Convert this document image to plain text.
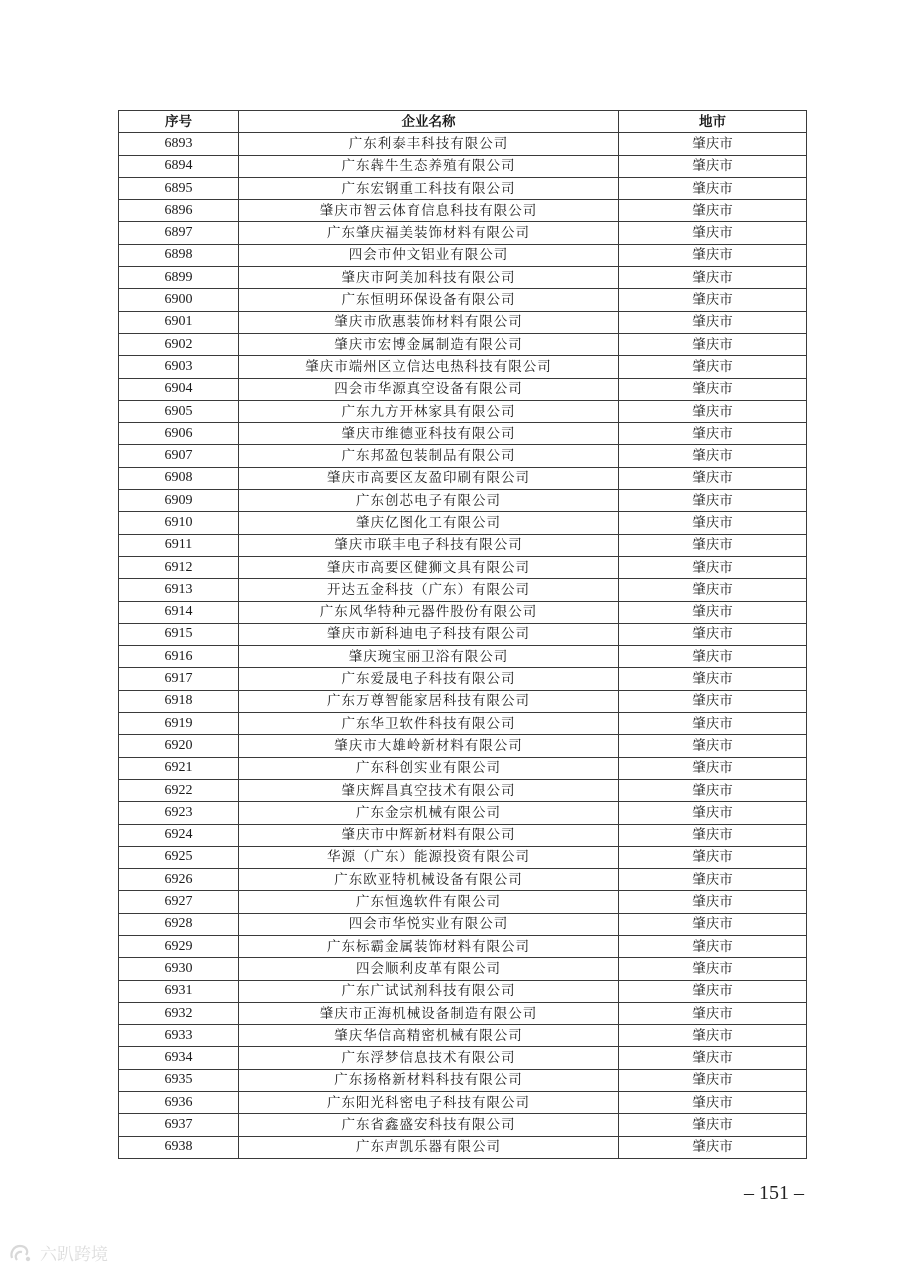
序号	企业名称	地市
6893	广东利泰丰科技有限公司	肇庆市
6894	广东犇牛生态养殖有限公司	肇庆市
6895	广东宏钢重工科技有限公司	肇庆市
6896	肇庆市智云体育信息科技有限公司	肇庆市
6897	广东肇庆福美装饰材料有限公司	肇庆市
6898	四会市仲文铝业有限公司	肇庆市
6899	肇庆市阿美加科技有限公司	肇庆市
6900	广东恒明环保设备有限公司	肇庆市
6901	肇庆市欣惠装饰材料有限公司	肇庆市
6902	肇庆市宏博金属制造有限公司	肇庆市
6903	肇庆市端州区立信达电热科技有限公司	肇庆市
6904	四会市华源真空设备有限公司	肇庆市
6905	广东九方开林家具有限公司	肇庆市
6906	肇庆市维德亚科技有限公司	肇庆市
6907	广东邦盈包装制品有限公司	肇庆市
6908	肇庆市高要区友盈印刷有限公司	肇庆市
6909	广东创芯电子有限公司	肇庆市
6910	肇庆亿图化工有限公司	肇庆市
6911	肇庆市联丰电子科技有限公司	肇庆市
6912	肇庆市高要区健狮文具有限公司	肇庆市
6913	开达五金科技（广东）有限公司	肇庆市
6914	广东风华特种元器件股份有限公司	肇庆市
6915	肇庆市新科迪电子科技有限公司	肇庆市
6916	肇庆琬宝丽卫浴有限公司	肇庆市
6917	广东爱晟电子科技有限公司	肇庆市
6918	广东万尊智能家居科技有限公司	肇庆市
6919	广东华卫软件科技有限公司	肇庆市
6920	肇庆市大雄岭新材料有限公司	肇庆市
6921	广东科创实业有限公司	肇庆市
6922	肇庆辉昌真空技术有限公司	肇庆市
6923	广东金宗机械有限公司	肇庆市
6924	肇庆市中辉新材料有限公司	肇庆市
6925	华源（广东）能源投资有限公司	肇庆市
6926	广东欧亚特机械设备有限公司	肇庆市
6927	广东恒逸软件有限公司	肇庆市
6928	四会市华悦实业有限公司	肇庆市
6929	广东标霸金属装饰材料有限公司	肇庆市
6930	四会顺利皮革有限公司	肇庆市
6931	广东广试试剂科技有限公司	肇庆市
6932	肇庆市正海机械设备制造有限公司	肇庆市
6933	肇庆华信高精密机械有限公司	肇庆市
6934	广东浮梦信息技术有限公司	肇庆市
6935	广东扬格新材料科技有限公司	肇庆市
6936	广东阳光科密电子科技有限公司	肇庆市
6937	广东省鑫盛安科技有限公司	肇庆市
6938	广东声凯乐器有限公司	肇庆市
– 151 –
六趴跨境
